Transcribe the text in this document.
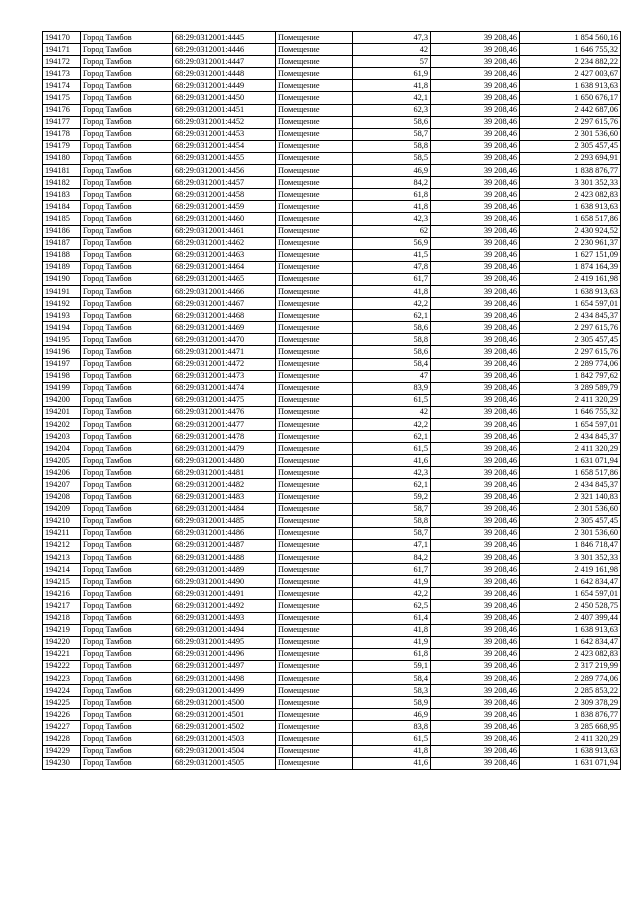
194170	Город Тамбов	68:29:0312001:4445	Помещение	47,3	39 208,46	1 854 560,16
194171	Город Тамбов	68:29:0312001:4446	Помещение	42	39 208,46	1 646 755,32
194172	Город Тамбов	68:29:0312001:4447	Помещение	57	39 208,46	2 234 882,22
194173	Город Тамбов	68:29:0312001:4448	Помещение	61,9	39 208,46	2 427 003,67
194174	Город Тамбов	68:29:0312001:4449	Помещение	41,8	39 208,46	1 638 913,63
194175	Город Тамбов	68:29:0312001:4450	Помещение	42,1	39 208,46	1 650 676,17
194176	Город Тамбов	68:29:0312001:4451	Помещение	62,3	39 208,46	2 442 687,06
194177	Город Тамбов	68:29:0312001:4452	Помещение	58,6	39 208,46	2 297 615,76
194178	Город Тамбов	68:29:0312001:4453	Помещение	58,7	39 208,46	2 301 536,60
194179	Город Тамбов	68:29:0312001:4454	Помещение	58,8	39 208,46	2 305 457,45
194180	Город Тамбов	68:29:0312001:4455	Помещение	58,5	39 208,46	2 293 694,91
194181	Город Тамбов	68:29:0312001:4456	Помещение	46,9	39 208,46	1 838 876,77
194182	Город Тамбов	68:29:0312001:4457	Помещение	84,2	39 208,46	3 301 352,33
194183	Город Тамбов	68:29:0312001:4458	Помещение	61,8	39 208,46	2 423 082,83
194184	Город Тамбов	68:29:0312001:4459	Помещение	41,8	39 208,46	1 638 913,63
194185	Город Тамбов	68:29:0312001:4460	Помещение	42,3	39 208,46	1 658 517,86
194186	Город Тамбов	68:29:0312001:4461	Помещение	62	39 208,46	2 430 924,52
194187	Город Тамбов	68:29:0312001:4462	Помещение	56,9	39 208,46	2 230 961,37
194188	Город Тамбов	68:29:0312001:4463	Помещение	41,5	39 208,46	1 627 151,09
194189	Город Тамбов	68:29:0312001:4464	Помещение	47,8	39 208,46	1 874 164,39
194190	Город Тамбов	68:29:0312001:4465	Помещение	61,7	39 208,46	2 419 161,98
194191	Город Тамбов	68:29:0312001:4466	Помещение	41,8	39 208,46	1 638 913,63
194192	Город Тамбов	68:29:0312001:4467	Помещение	42,2	39 208,46	1 654 597,01
194193	Город Тамбов	68:29:0312001:4468	Помещение	62,1	39 208,46	2 434 845,37
194194	Город Тамбов	68:29:0312001:4469	Помещение	58,6	39 208,46	2 297 615,76
194195	Город Тамбов	68:29:0312001:4470	Помещение	58,8	39 208,46	2 305 457,45
194196	Город Тамбов	68:29:0312001:4471	Помещение	58,6	39 208,46	2 297 615,76
194197	Город Тамбов	68:29:0312001:4472	Помещение	58,4	39 208,46	2 289 774,06
194198	Город Тамбов	68:29:0312001:4473	Помещение	47	39 208,46	1 842 797,62
194199	Город Тамбов	68:29:0312001:4474	Помещение	83,9	39 208,46	3 289 589,79
194200	Город Тамбов	68:29:0312001:4475	Помещение	61,5	39 208,46	2 411 320,29
194201	Город Тамбов	68:29:0312001:4476	Помещение	42	39 208,46	1 646 755,32
194202	Город Тамбов	68:29:0312001:4477	Помещение	42,2	39 208,46	1 654 597,01
194203	Город Тамбов	68:29:0312001:4478	Помещение	62,1	39 208,46	2 434 845,37
194204	Город Тамбов	68:29:0312001:4479	Помещение	61,5	39 208,46	2 411 320,29
194205	Город Тамбов	68:29:0312001:4480	Помещение	41,6	39 208,46	1 631 071,94
194206	Город Тамбов	68:29:0312001:4481	Помещение	42,3	39 208,46	1 658 517,86
194207	Город Тамбов	68:29:0312001:4482	Помещение	62,1	39 208,46	2 434 845,37
194208	Город Тамбов	68:29:0312001:4483	Помещение	59,2	39 208,46	2 321 140,83
194209	Город Тамбов	68:29:0312001:4484	Помещение	58,7	39 208,46	2 301 536,60
194210	Город Тамбов	68:29:0312001:4485	Помещение	58,8	39 208,46	2 305 457,45
194211	Город Тамбов	68:29:0312001:4486	Помещение	58,7	39 208,46	2 301 536,60
194212	Город Тамбов	68:29:0312001:4487	Помещение	47,1	39 208,46	1 846 718,47
194213	Город Тамбов	68:29:0312001:4488	Помещение	84,2	39 208,46	3 301 352,33
194214	Город Тамбов	68:29:0312001:4489	Помещение	61,7	39 208,46	2 419 161,98
194215	Город Тамбов	68:29:0312001:4490	Помещение	41,9	39 208,46	1 642 834,47
194216	Город Тамбов	68:29:0312001:4491	Помещение	42,2	39 208,46	1 654 597,01
194217	Город Тамбов	68:29:0312001:4492	Помещение	62,5	39 208,46	2 450 528,75
194218	Город Тамбов	68:29:0312001:4493	Помещение	61,4	39 208,46	2 407 399,44
194219	Город Тамбов	68:29:0312001:4494	Помещение	41,8	39 208,46	1 638 913,63
194220	Город Тамбов	68:29:0312001:4495	Помещение	41,9	39 208,46	1 642 834,47
194221	Город Тамбов	68:29:0312001:4496	Помещение	61,8	39 208,46	2 423 082,83
194222	Город Тамбов	68:29:0312001:4497	Помещение	59,1	39 208,46	2 317 219,99
194223	Город Тамбов	68:29:0312001:4498	Помещение	58,4	39 208,46	2 289 774,06
194224	Город Тамбов	68:29:0312001:4499	Помещение	58,3	39 208,46	2 285 853,22
194225	Город Тамбов	68:29:0312001:4500	Помещение	58,9	39 208,46	2 309 378,29
194226	Город Тамбов	68:29:0312001:4501	Помещение	46,9	39 208,46	1 838 876,77
194227	Город Тамбов	68:29:0312001:4502	Помещение	83,8	39 208,46	3 285 668,95
194228	Город Тамбов	68:29:0312001:4503	Помещение	61,5	39 208,46	2 411 320,29
194229	Город Тамбов	68:29:0312001:4504	Помещение	41,8	39 208,46	1 638 913,63
194230	Город Тамбов	68:29:0312001:4505	Помещение	41,6	39 208,46	1 631 071,94
